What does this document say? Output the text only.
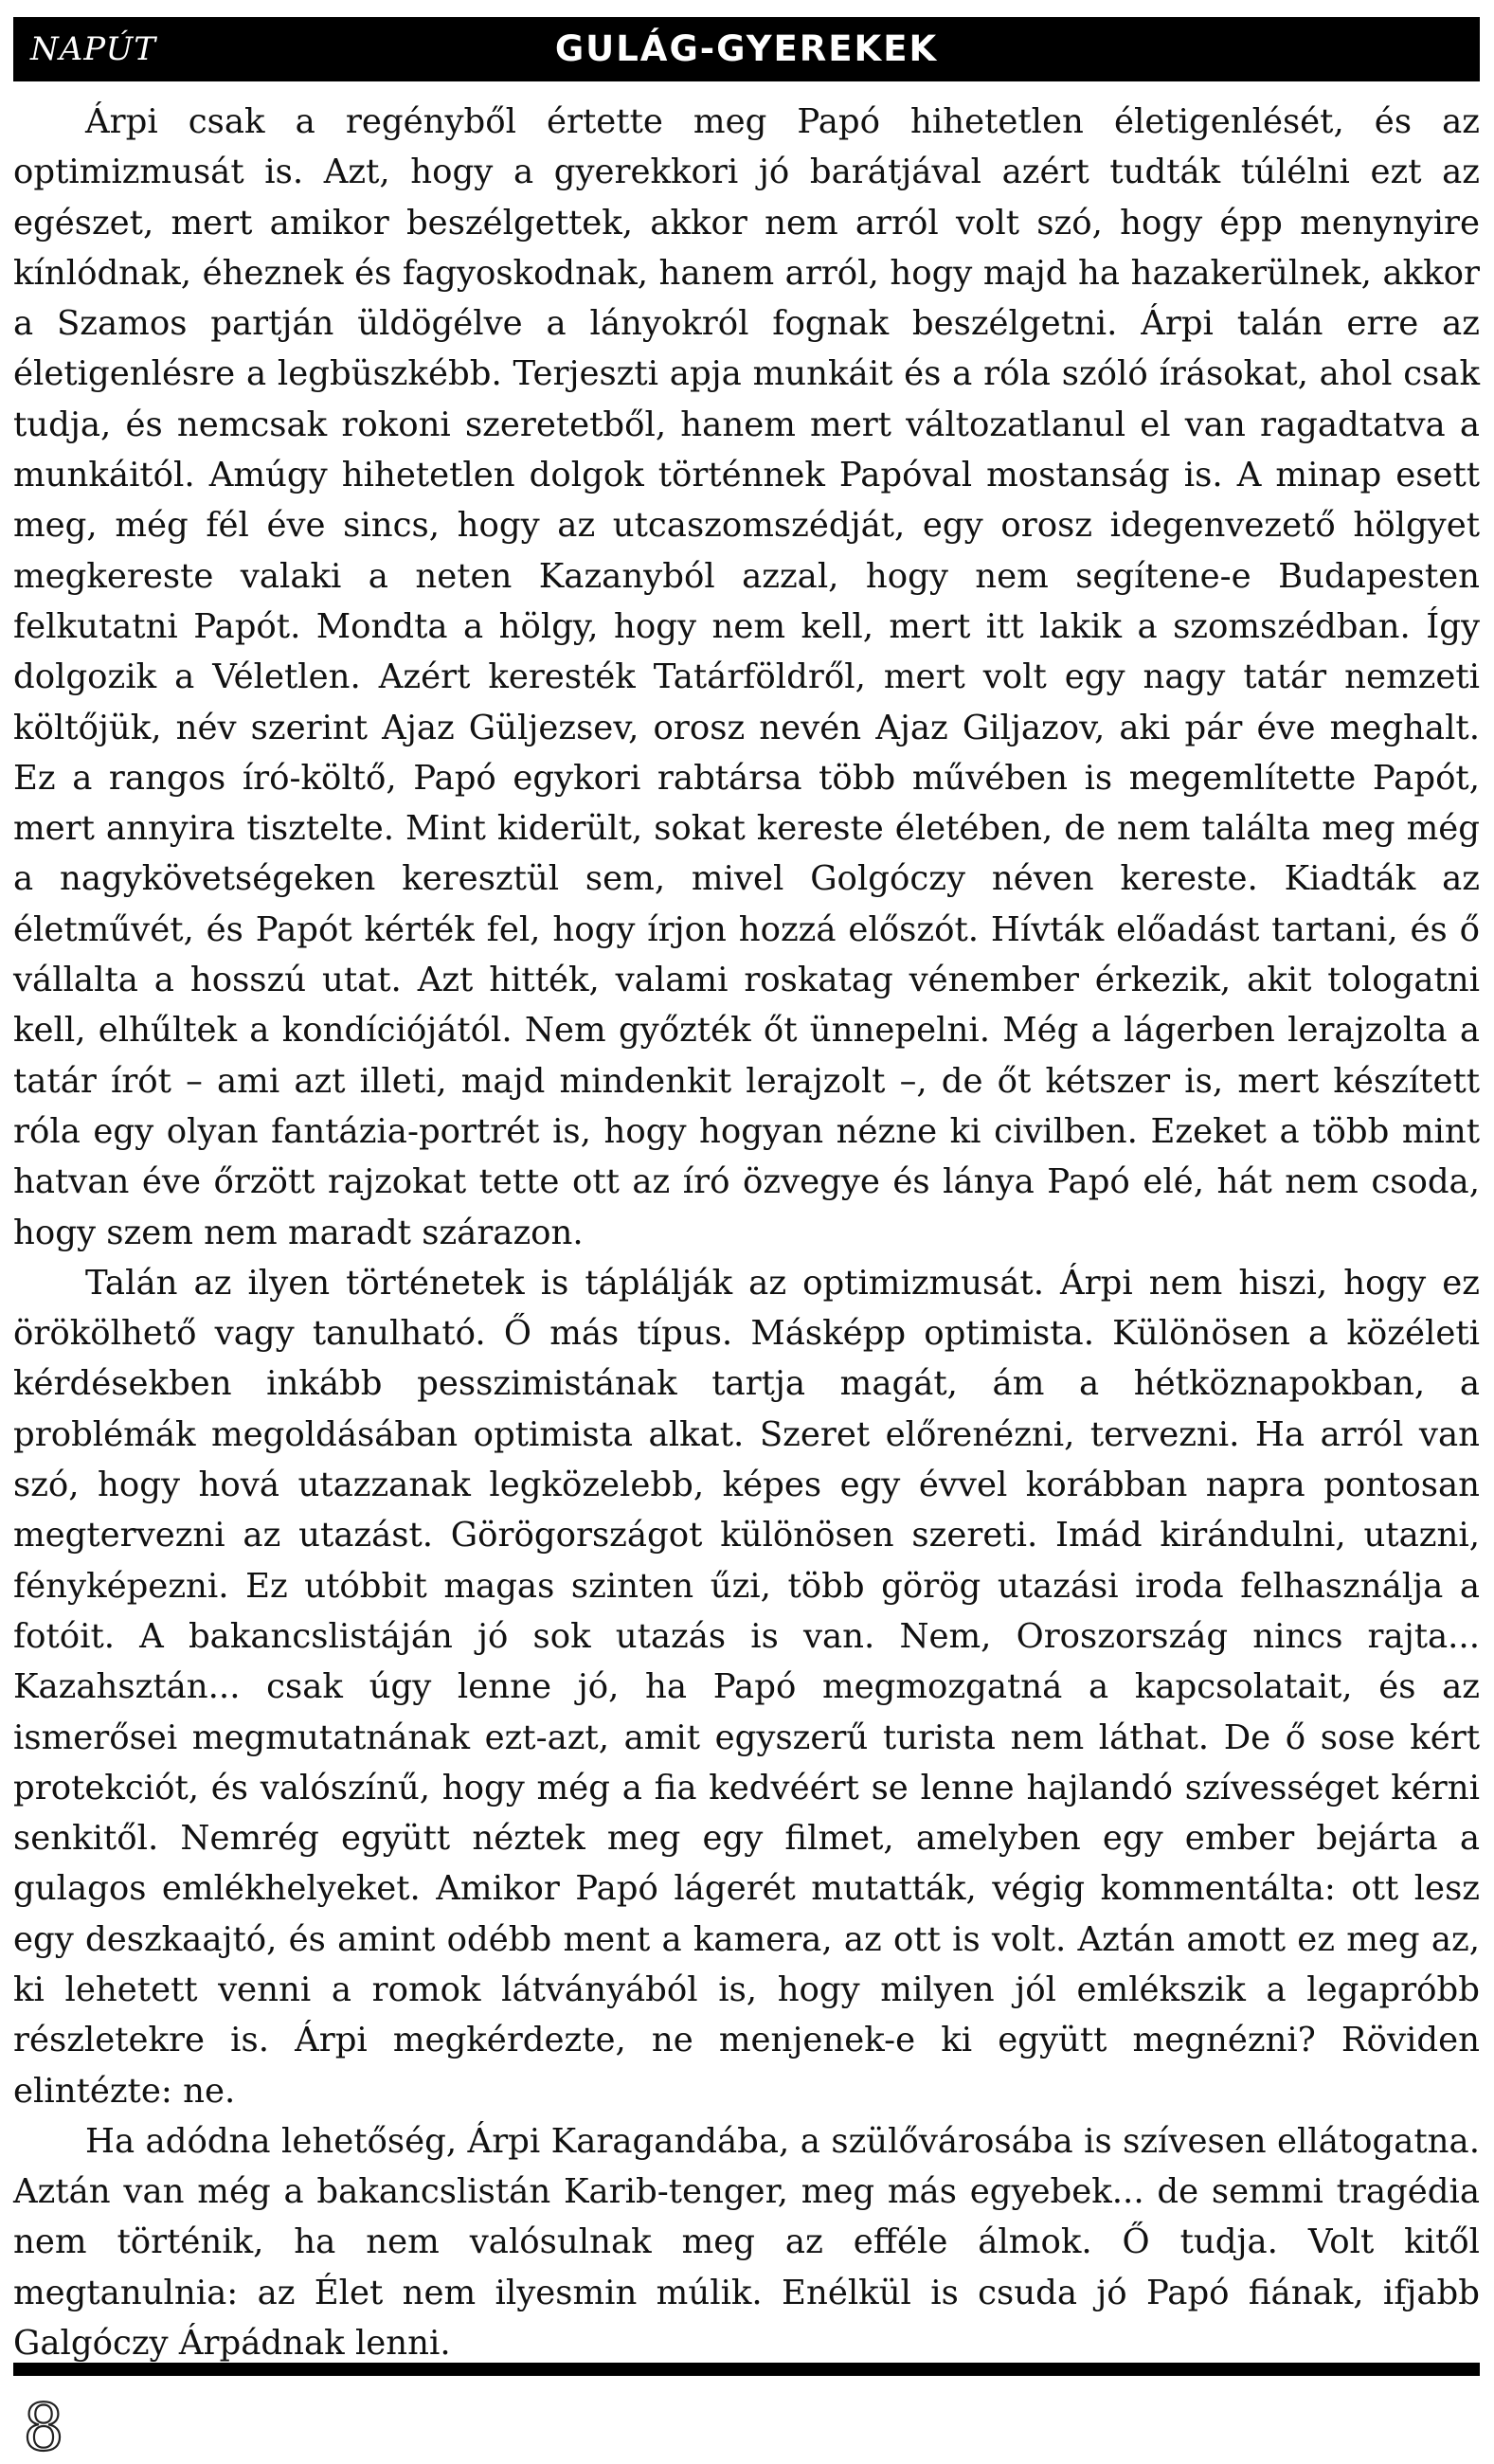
NAPÚT	GULÁG-GYEREKEK

Árpi csak a regényből értette meg Papó hihetetlen életigenlését, és az optimizmusát is. Azt, hogy a gyerekkori jó barátjával azért tudták túlélni ezt az egészet, mert amikor beszélgettek, akkor nem arról volt szó, hogy épp menynyire kínlódnak, éheznek és fagyoskodnak, hanem arról, hogy majd ha hazakerülnek, akkor a Szamos partján üldögélve a lányokról fognak beszélgetni. Árpi talán erre az életigenlésre a legbüszkébb. Terjeszti apja munkáit és a róla szóló írásokat, ahol csak tudja, és nemcsak rokoni szeretetből, hanem mert változatlanul el van ragadtatva a munkáitól. Amúgy hihetetlen dolgok történnek Papóval mostanság is. A minap esett meg, még fél éve sincs, hogy az utcaszomszédját, egy orosz idegenvezető hölgyet megkereste valaki a neten Kazanyból azzal, hogy nem segítene-e Budapesten felkutatni Papót. Mondta a hölgy, hogy nem kell, mert itt lakik a szomszédban. Így dolgozik a Véletlen. Azért keresték Tatárföldről, mert volt egy nagy tatár nemzeti költőjük, név szerint Ajaz Güljezsev, orosz nevén Ajaz Giljazov, aki pár éve meghalt. Ez a rangos író-költő, Papó egykori rabtársa több művében is megemlítette Papót, mert annyira tisztelte. Mint kiderült, sokat kereste életében, de nem találta meg még a nagykövetségeken keresztül sem, mivel Golgóczy néven kereste. Kiadták az életművét, és Papót kérték fel, hogy írjon hozzá előszót. Hívták előadást tartani, és ő vállalta a hosszú utat. Azt hitték, valami roskatag vénember érkezik, akit tologatni kell, elhűltek a kondíciójától. Nem győzték őt ünnepelni. Még a lágerben lerajzolta a tatár írót – ami azt illeti, majd mindenkit lerajzolt –, de őt kétszer is, mert készített róla egy olyan fantázia-portrét is, hogy hogyan nézne ki civilben. Ezeket a több mint hatvan éve őrzött rajzokat tette ott az író özvegye és lánya Papó elé, hát nem csoda, hogy szem nem maradt szárazon.

Talán az ilyen történetek is táplálják az optimizmusát. Árpi nem hiszi, hogy ez örökölhető vagy tanulható. Ő más típus. Másképp optimista. Különösen a közéleti kérdésekben inkább pesszimistának tartja magát, ám a hétköznapokban, a problémák megoldásában optimista alkat. Szeret előrenézni, tervezni. Ha arról van szó, hogy hová utazzanak legközelebb, képes egy évvel korábban napra pontosan megtervezni az utazást. Görögországot különösen szereti. Imád kirándulni, utazni, fényképezni. Ez utóbbit magas szinten űzi, több görög utazási iroda felhasználja a fotóit. A bakancslistáján jó sok utazás is van. Nem, Oroszország nincs rajta... Kazahsztán... csak úgy lenne jó, ha Papó megmozgatná a kapcsolatait, és az ismerősei megmutatnának ezt-azt, amit egyszerű turista nem láthat. De ő sose kért protekciót, és valószínű, hogy még a fia kedvéért se lenne hajlandó szívességet kérni senkitől. Nemrég együtt néztek meg egy filmet, amelyben egy ember bejárta a gulagos emlékhelyeket. Amikor Papó lágerét mutatták, végig kommentálta: ott lesz egy deszkaajtó, és amint odébb ment a kamera, az ott is volt. Aztán amott ez meg az, ki lehetett venni a romok látványából is, hogy milyen jól emlékszik a legapróbb részletekre is. Árpi megkérdezte, ne menjenek-e ki együtt megnézni? Röviden elintézte: ne.

Ha adódna lehetőség, Árpi Karagandába, a szülővárosába is szívesen ellátogatna. Aztán van még a bakancslistán Karib-tenger, meg más egyebek... de semmi tragédia nem történik, ha nem valósulnak meg az efféle álmok. Ő tudja. Volt kitől megtanulnia: az Élet nem ilyesmin múlik. Enélkül is csuda jó Papó fiának, ifjabb Galgóczy Árpádnak lenni.

8
